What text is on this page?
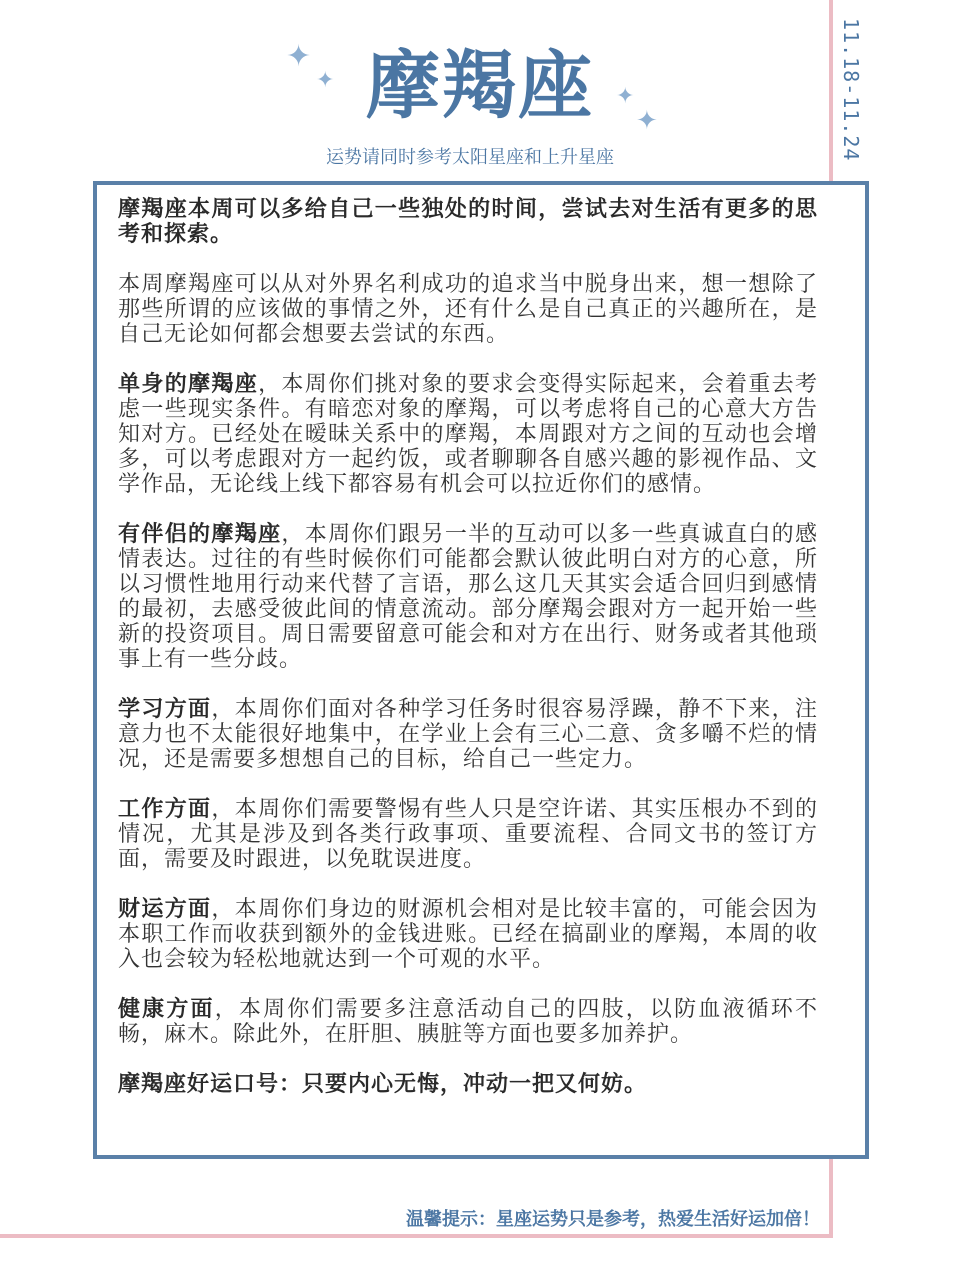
11.18-11.24
✦
✦ 摩羯座	✦
✦
运势请同时参考太阳星座和上升星座

摩羯座本周可以多给自己一些独处的时间，尝试去对生活有更多的思考和探索。

本周摩羯座可以从对外界名利成功的追求当中脱身出来，想一想除了那些所谓的应该做的事情之外，还有什么是自己真正的兴趣所在，是自己无论如何都会想要去尝试的东西。

单身的摩羯座，本周你们挑对象的要求会变得实际起来，会着重去考虑一些现实条件。有暗恋对象的摩羯，可以考虑将自己的心意大方告知对方。已经处在暧昧关系中的摩羯，本周跟对方之间的互动也会增多，可以考虑跟对方一起约饭，或者聊聊各自感兴趣的影视作品、文学作品，无论线上线下都容易有机会可以拉近你们的感情。

有伴侣的摩羯座，本周你们跟另一半的互动可以多一些真诚直白的感情表达。过往的有些时候你们可能都会默认彼此明白对方的心意，所以习惯性地用行动来代替了言语，那么这几天其实会适合回归到感情的最初，去感受彼此间的情意流动。部分摩羯会跟对方一起开始一些新的投资项目。周日需要留意可能会和对方在出行、财务或者其他琐事上有一些分歧。

学习方面，本周你们面对各种学习任务时很容易浮躁，静不下来，注意力也不太能很好地集中，在学业上会有三心二意、贪多嚼不烂的情况，还是需要多想想自己的目标，给自己一些定力。

工作方面，本周你们需要警惕有些人只是空许诺、其实压根办不到的情况，尤其是涉及到各类行政事项、重要流程、合同文书的签订方面，需要及时跟进，以免耽误进度。

财运方面，本周你们身边的财源机会相对是比较丰富的，可能会因为本职工作而收获到额外的金钱进账。已经在搞副业的摩羯，本周的收入也会较为轻松地就达到一个可观的水平。

健康方面，本周你们需要多注意活动自己的四肢，以防血液循环不畅，麻木。除此外，在肝胆、胰脏等方面也要多加养护。

摩羯座好运口号：只要内心无悔，冲动一把又何妨。

温馨提示：星座运势只是参考，热爱生活好运加倍！
